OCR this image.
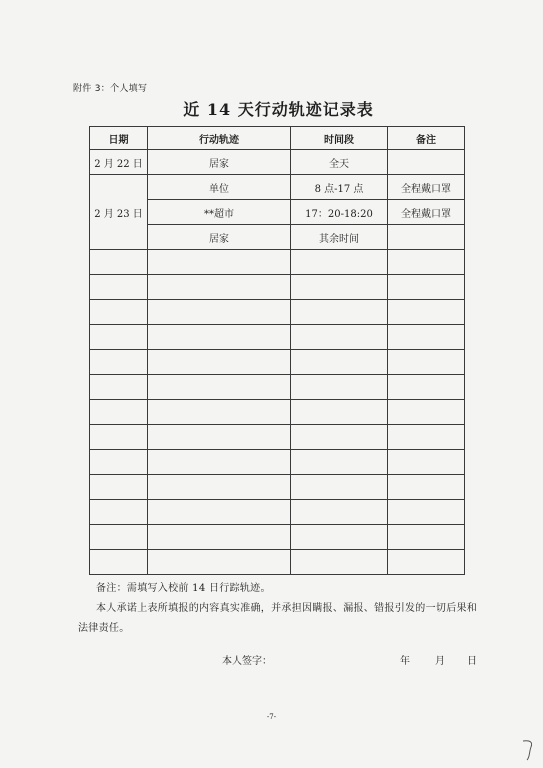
附件 3：个人填写
近 14 天行动轨迹记录表
日期	行动轨迹	时间段	备注
2 月 22 日	居家	全天	
2 月 23 日	单位	8 点-17 点	全程戴口罩
	**超市	17：20-18:20	全程戴口罩
	居家	其余时间	

备注：需填写入校前 14 日行踪轨迹。
本人承诺上表所填报的内容真实准确，并承担因瞒报、漏报、错报引发的一切后果和法律责任。
本人签字：	年	月 日
-7-
